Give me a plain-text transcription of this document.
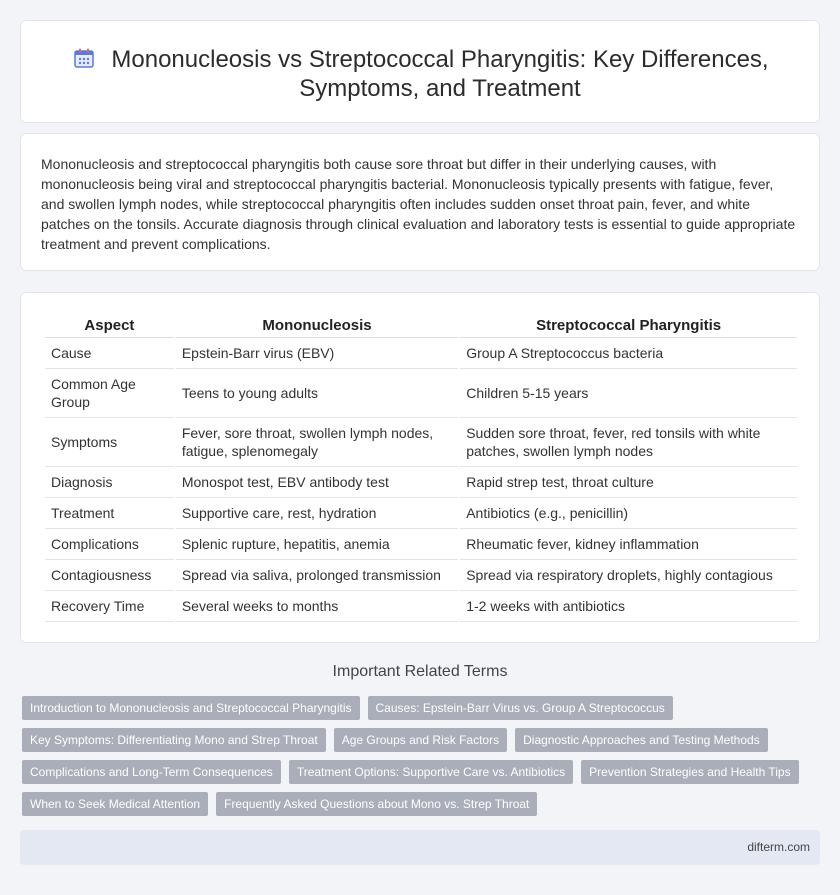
Mononucleosis vs Streptococcal Pharyngitis: Key Differences, Symptoms, and Treatment

Mononucleosis and streptococcal pharyngitis both cause sore throat but differ in their underlying causes, with mononucleosis being viral and streptococcal pharyngitis bacterial. Mononucleosis typically presents with fatigue, fever, and swollen lymph nodes, while streptococcal pharyngitis often includes sudden onset throat pain, fever, and white patches on the tonsils. Accurate diagnosis through clinical evaluation and laboratory tests is essential to guide appropriate treatment and prevent complications.

Aspect	Mononucleosis	Streptococcal Pharyngitis
Cause	Epstein-Barr virus (EBV)	Group A Streptococcus bacteria
Common Age Group	Teens to young adults	Children 5-15 years
Symptoms	Fever, sore throat, swollen lymph nodes, fatigue, splenomegaly	Sudden sore throat, fever, red tonsils with white patches, swollen lymph nodes
Diagnosis	Monospot test, EBV antibody test	Rapid strep test, throat culture
Treatment	Supportive care, rest, hydration	Antibiotics (e.g., penicillin)
Complications	Splenic rupture, hepatitis, anemia	Rheumatic fever, kidney inflammation
Contagiousness	Spread via saliva, prolonged transmission	Spread via respiratory droplets, highly contagious
Recovery Time	Several weeks to months	1-2 weeks with antibiotics
Important Related Terms
Introduction to Mononucleosis and Streptococcal Pharyngitis	Causes: Epstein-Barr Virus vs. Group A Streptococcus
Key Symptoms: Differentiating Mono and Strep Throat	Age Groups and Risk Factors	Diagnostic Approaches and Testing Methods
Complications and Long-Term Consequences	Treatment Options: Supportive Care vs. Antibiotics	Prevention Strategies and Health Tips
When to Seek Medical Attention	Frequently Asked Questions about Mono vs. Strep Throat
difterm.com
